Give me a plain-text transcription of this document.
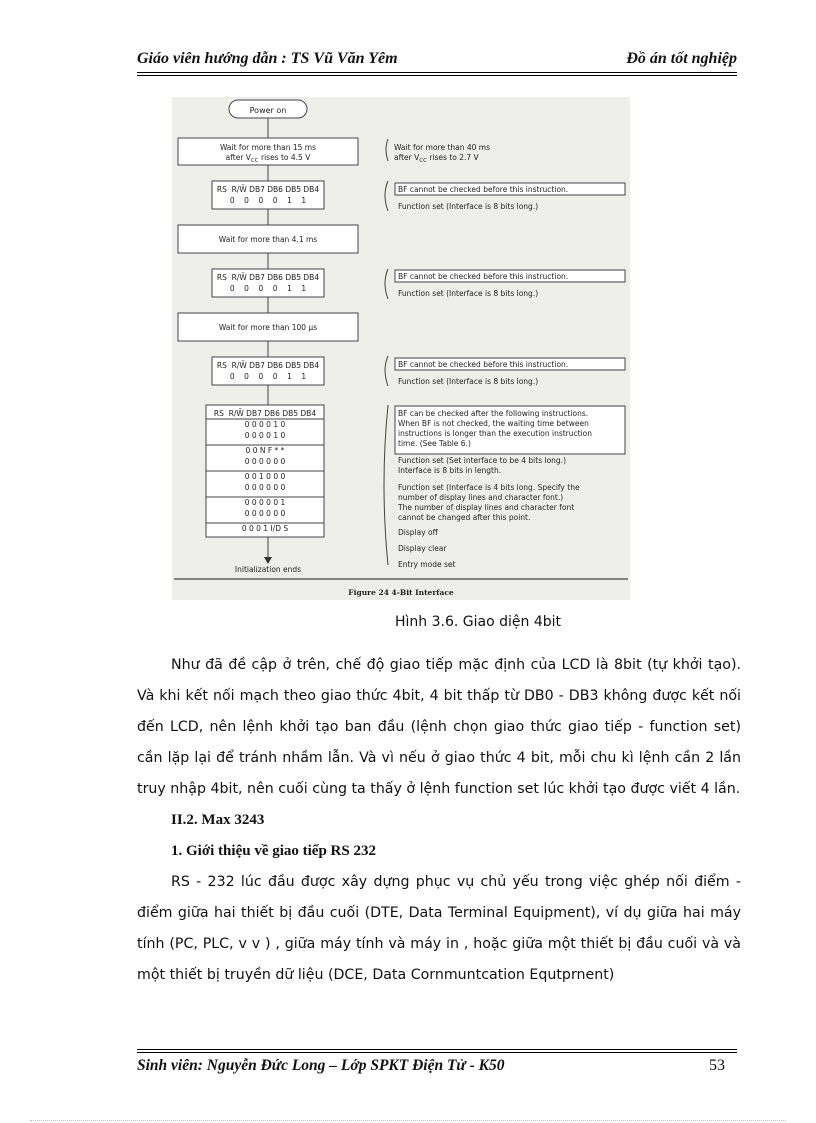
Giáo viên hướng dẫn : TS Vũ Văn Yêm	Đồ án tốt nghiệp
Power on
Wait for more than 15 ms
after $V_{CC}$ rises to 4.5 V
Wait for more than 40 ms
after $V_{CC}$ rises to 2.7 V
RS  R/W̄ DB7 DB6 DB5 DB4
0    0    0    0    1    1
BF cannot be checked before this instruction.
Function set (Interface is 8 bits long.)
Wait for more than 4.1 ms
RS  R/W̄ DB7 DB6 DB5 DB4
0    0    0    0    1    1
BF cannot be checked before this instruction.
Function set (Interface is 8 bits long.)
Wait for more than 100 µs
RS  R/W̄ DB7 DB6 DB5 DB4
0    0    0    0    1    1
BF cannot be checked before this instruction.
Function set (Interface is 8 bits long.)
RS  R/W̄ DB7 DB6 DB5 DB4
0 0 0 0 1 0
0 0 0 0 1 0
0 0 N F * *
0 0 0 0 0 0
0 0 1 0 0 0
0 0 0 0 0 0
0 0 0 0 0 1
0 0 0 0 0 0
0 0 0 1 I/D S
BF can be checked after the following instructions.
When BF is not checked, the waiting time between
instructions is longer than the execution instruction
time. (See Table 6.)
Function set (Set interface to be 4 bits long.)
Interface is 8 bits in length.
Function set (Interface is 4 bits long. Specify the
number of display lines and character font.)
The number of display lines and character font
cannot be changed after this point.
Display off
Display clear
Entry mode set
Initialization ends
Figure 24 4-Bit Interface
Hình 3.6. Giao diện 4bit

Như đã đề cập ở trên, chế độ giao tiếp mặc định của LCD là 8bit (tự khởi tạo). Và khi kết nối mạch theo giao thức 4bit, 4 bit thấp từ DB0 - DB3 không được kết nối đến LCD, nên lệnh khởi tạo ban đầu (lệnh chọn giao thức giao tiếp - function set) cần lặp lại để tránh nhầm lẫn. Và vì nếu ở giao thức 4 bit, mỗi chu kì lệnh cần 2 lần truy nhập 4bit, nên cuối cùng ta thấy ở lệnh function set lúc khởi tạo được viết 4 lần.

II.2. Max 3243
1. Giới thiệu về giao tiếp RS 232

RS - 232 lúc đầu được xây dựng phục vụ chủ yếu trong việc ghép nối điểm - điểm giữa hai thiết bị đầu cuối (DTE, Data Terminal Equipment), ví dụ giữa hai máy tính (PC, PLC, v v ) , giữa máy tính và máy in , hoặc giữa một thiết bị đầu cuối và và một thiết bị truyền dữ liệu (DCE, Data Cornmuntcation Equtprnent)

Sinh viên: Nguyễn Đức Long – Lớp SPKT Điện Tử - K50	53
